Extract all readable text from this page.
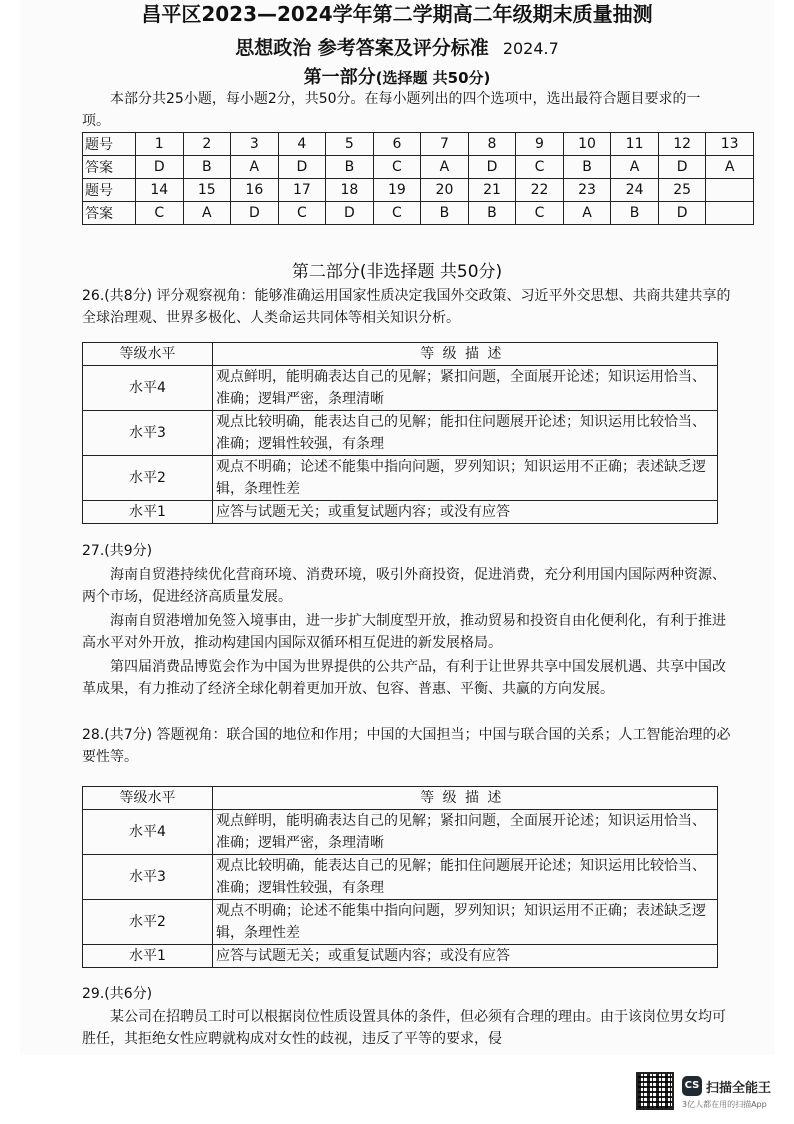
昌平区2023—2024学年第二学期高二年级期末质量抽测
思想政治 参考答案及评分标准 2024.7
第一部分(选择题 共50分)

本部分共25小题，每小题2分，共50分。在每小题列出的四个选项中，选出最符合题目要求的一项。

题号	1	2	3	4	5	6	7	8	9	10	11	12	13
答案	D	B	A	D	B	C	A	D	C	B	A	D	A
题号	14	15	16	17	18	19	20	21	22	23	24	25	
答案	C	A	D	C	D	C	B	B	C	A	B	D	
第二部分(非选择题 共50分)

26.(共8分) 评分观察视角：能够准确运用国家性质决定我国外交政策、习近平外交思想、共商共建共享的全球治理观、世界多极化、人类命运共同体等相关知识分析。

等级水平	等级描述
水平4	观点鲜明，能明确表达自己的见解；紧扣问题，全面展开论述；知识运用恰当、准确；逻辑严密，条理清晰
水平3	观点比较明确，能表达自己的见解；能扣住问题展开论述；知识运用比较恰当、准确；逻辑性较强，有条理
水平2	观点不明确；论述不能集中指向问题，罗列知识；知识运用不正确；表述缺乏逻辑，条理性差
水平1	应答与试题无关；或重复试题内容；或没有应答

27.(共9分)

海南自贸港持续优化营商环境、消费环境，吸引外商投资，促进消费，充分利用国内国际两种资源、两个市场，促进经济高质量发展。

海南自贸港增加免签入境事由，进一步扩大制度型开放，推动贸易和投资自由化便利化，有利于推进高水平对外开放，推动构建国内国际双循环相互促进的新发展格局。

第四届消费品博览会作为中国为世界提供的公共产品，有利于让世界共享中国发展机遇、共享中国改革成果，有力推动了经济全球化朝着更加开放、包容、普惠、平衡、共赢的方向发展。

28.(共7分) 答题视角：联合国的地位和作用；中国的大国担当；中国与联合国的关系；人工智能治理的必要性等。

等级水平	等级描述
水平4	观点鲜明，能明确表达自己的见解；紧扣问题，全面展开论述；知识运用恰当、准确；逻辑严密，条理清晰
水平3	观点比较明确，能表达自己的见解；能扣住问题展开论述；知识运用比较恰当、准确；逻辑性较强，有条理
水平2	观点不明确；论述不能集中指向问题，罗列知识；知识运用不正确；表述缺乏逻辑，条理性差
水平1	应答与试题无关；或重复试题内容；或没有应答

29.(共6分)

某公司在招聘员工时可以根据岗位性质设置具体的条件，但必须有合理的理由。由于该岗位男女均可胜任，其拒绝女性应聘就构成对女性的歧视，违反了平等的要求，侵

CS 扫描全能王
3亿人都在用的扫描App
